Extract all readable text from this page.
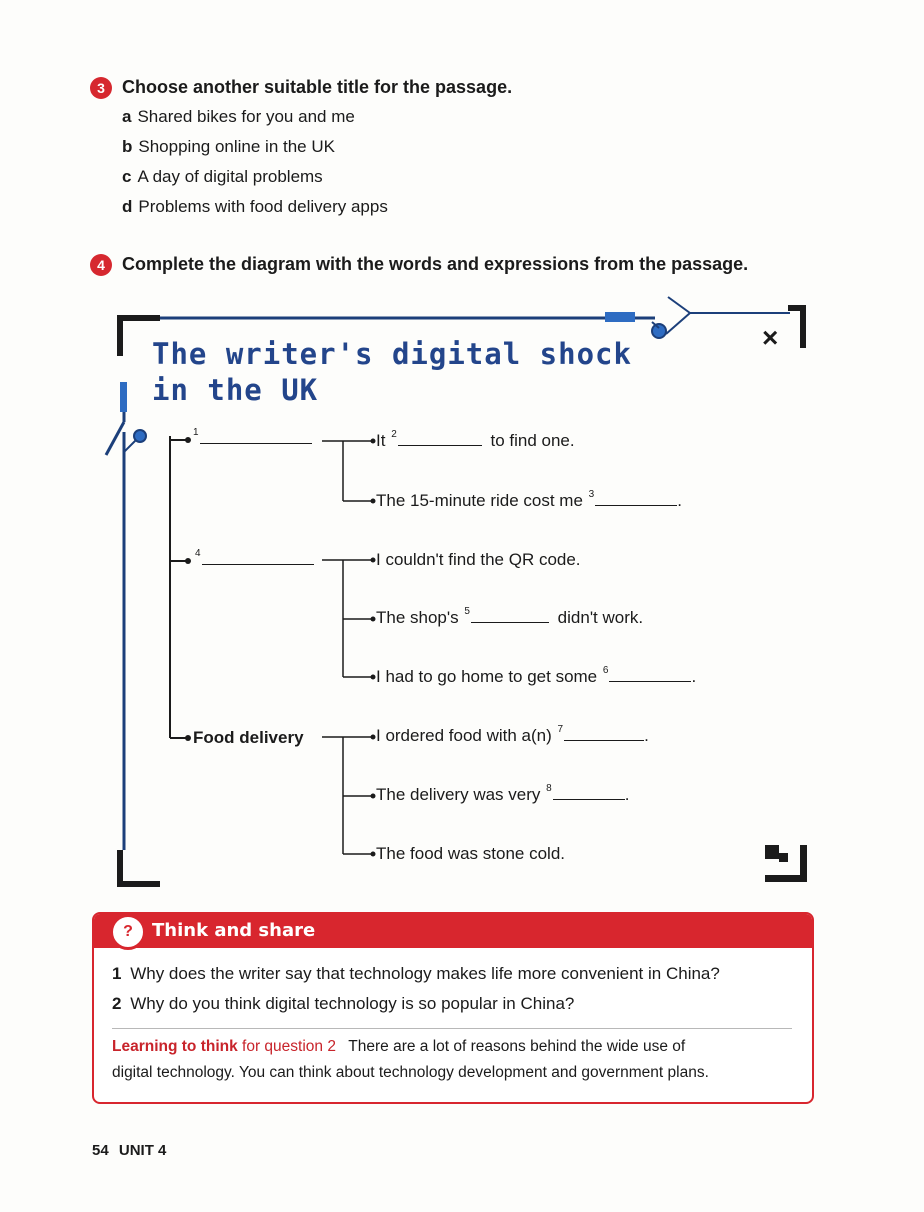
3 Choose another suitable title for the passage.
a Shared bikes for you and me
b Shopping online in the UK
c A day of digital problems
d Problems with food delivery apps
4 Complete the diagram with the words and expressions from the passage.
×
The writer's digital shock
in the UK
$^1$	It $^2$	to find one.
The 15-minute ride cost me $^3$	.
$^4$	I couldn't find the QR code.
The shop's $^5$	didn't work.
I had to go home to get some $^6$	.
Food delivery	I ordered food with a(n) $^7$	.
The delivery was very $^8$	.
The food was stone cold.
?	Think and share
1 Why does the writer say that technology makes life more convenient in China?
2 Why do you think digital technology is so popular in China?
Learning to think for question 2 There are a lot of reasons behind the wide use of
digital technology. You can think about technology development and government plans.
54 UNIT 4
